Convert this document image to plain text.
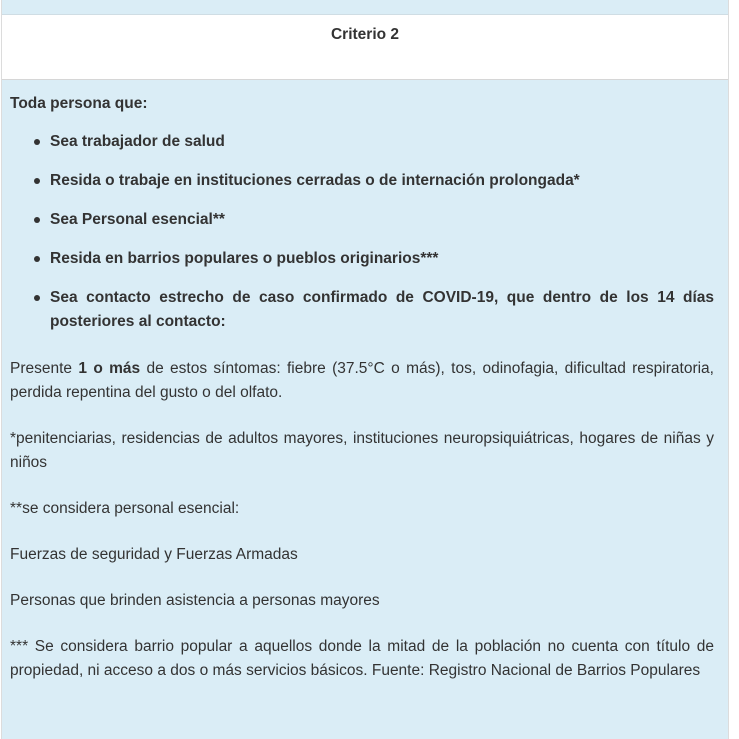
Criterio 2

Toda persona que:

Sea trabajador de salud
Resida o trabaje en instituciones cerradas o de internación prolongada*
Sea Personal esencial**
Resida en barrios populares o pueblos originarios***
Sea contacto estrecho de caso confirmado de COVID-19, que dentro de los 14 días posteriores al contacto:

Presente 1 o más de estos síntomas: fiebre (37.5°C o más), tos, odinofagia, dificultad respiratoria, perdida repentina del gusto o del olfato.

*penitenciarias, residencias de adultos mayores, instituciones neuropsiquiátricas, hogares de niñas y niños

**se considera personal esencial:

Fuerzas de seguridad y Fuerzas Armadas

Personas que brinden asistencia a personas mayores

*** Se considera barrio popular a aquellos donde la mitad de la población no cuenta con título de propiedad, ni acceso a dos o más servicios básicos. Fuente: Registro Nacional de Barrios Populares
